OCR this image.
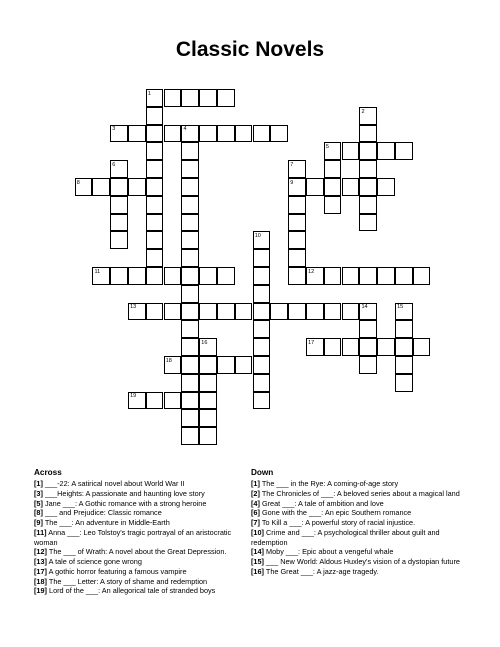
Classic Novels
1
2
3	4
5
6	7
8	9
10
11	12
13	14	15
16	17
18
19
Across

[1] ___-22: A satirical novel about World War II

[3] ___Heights: A passionate and haunting love story

[5] Jane ___: A Gothic romance with a strong heroine

[8] ___ and Prejudice: Classic romance

[9] The ___: An adventure in Middle-Earth

[11] Anna ___: Leo Tolstoy's tragic portrayal of an aristocratic woman

[12] The ___ of Wrath: A novel about the Great Depression.

[13] A tale of science gone wrong

[17] A gothic horror featuring a famous vampire

[18] The ___ Letter: A story of shame and redemption

[19] Lord of the ___: An allegorical tale of stranded boys

Down

[1] The ___ in the Rye: A coming-of-age story

[2] The Chronicles of ___: A beloved series about a magical land

[4] Great ___: A tale of ambition and love

[6] Gone with the ___: An epic Southern romance

[7] To Kill a ___: A powerful story of racial injustice.

[10] Crime and ___: A psychological thriller about guilt and redemption

[14] Moby ___: Epic about a vengeful whale

[15] ___ New World: Aldous Huxley's vision of a dystopian future

[16] The Great ___: A jazz-age tragedy.
